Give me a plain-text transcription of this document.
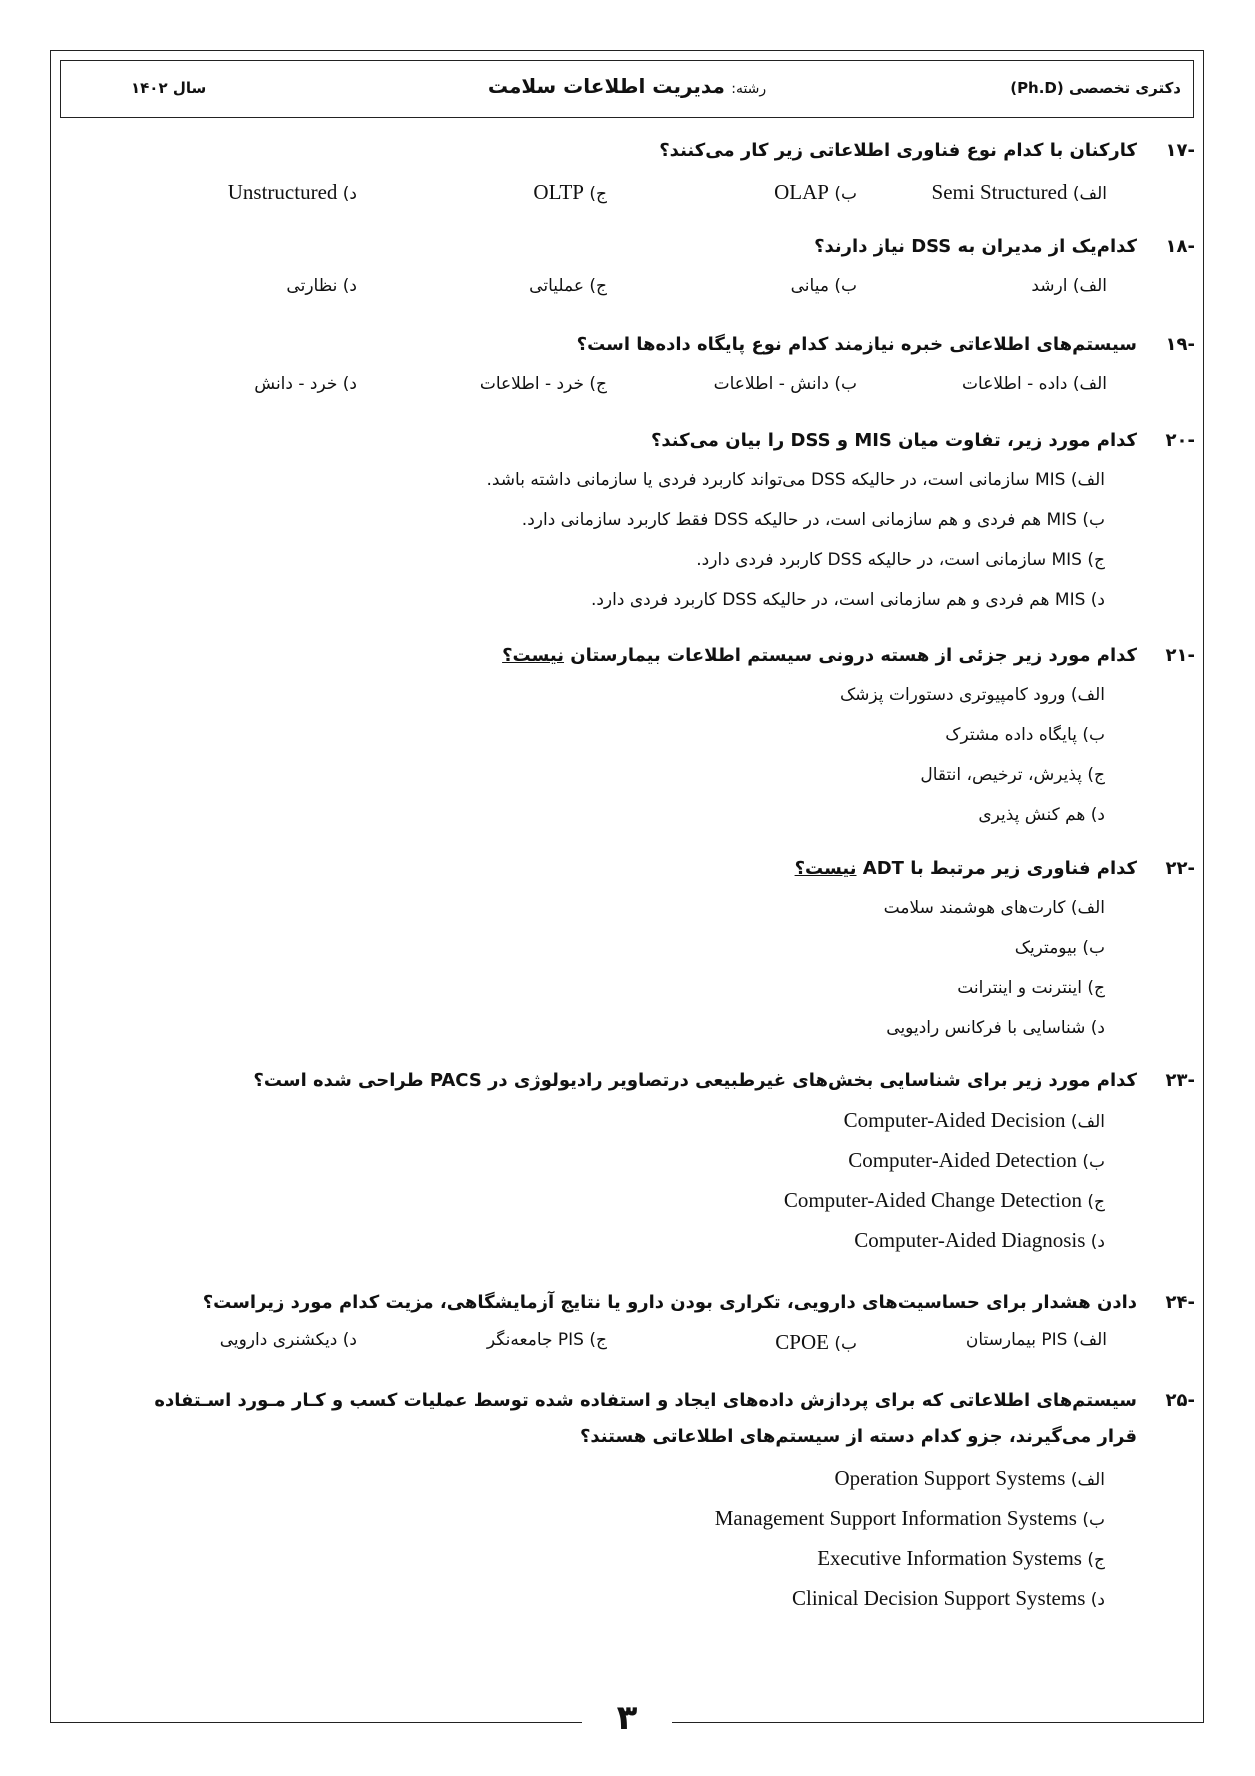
۳
دکتری تخصصی (Ph.D)
رشته: مدیریت اطلاعات سلامت
سال ۱۴۰۲
-۱۷
کارکنان با کدام نوع فناوری اطلاعاتی زیر کار می‌کنند؟
الف) Semi Structured
ب) OLAP
ج) OLTP
د) Unstructured
-۱۸
کدام‌یک از مدیران به DSS نیاز دارند؟
الف) ارشد
ب) میانی
ج) عملیاتی
د) نظارتی
-۱۹
سیستم‌های اطلاعاتی خبره نیازمند کدام نوع پایگاه داده‌ها است؟
الف) داده - اطلاعات
ب) دانش - اطلاعات
ج) خرد - اطلاعات
د) خرد - دانش
-۲۰
کدام مورد زیر، تفاوت میان MIS و DSS را بیان می‌کند؟
الف) MIS سازمانی است، در حالیکه DSS می‌تواند کاربرد فردی یا سازمانی داشته باشد.
ب) MIS هم فردی و هم سازمانی است، در حالیکه DSS فقط کاربرد سازمانی دارد.
ج) MIS سازمانی است، در حالیکه DSS کاربرد فردی دارد.
د) MIS هم فردی و هم سازمانی است، در حالیکه DSS کاربرد فردی دارد.
-۲۱
کدام مورد زیر جزئی از هسته درونی سیستم اطلاعات بیمارستان نیست؟
الف) ورود کامپیوتری دستورات پزشک
ب) پایگاه داده مشترک
ج) پذیرش، ترخیص، انتقال
د) هم کنش پذیری
-۲۲
کدام فناوری زیر مرتبط با ADT نیست؟
الف) کارت‌های هوشمند سلامت
ب) بیومتریک
ج) اینترنت و اینترانت
د) شناسایی با فرکانس رادیویی
-۲۳
کدام مورد زیر برای شناسایی بخش‌های غیرطبیعی درتصاویر رادیولوژی در PACS طراحی شده است؟
الف) Computer-Aided Decision
ب) Computer-Aided Detection
ج) Computer-Aided Change Detection
د) Computer-Aided Diagnosis
-۲۴
دادن هشدار برای حساسیت‌های دارویی، تکراری بودن دارو یا نتایج آزمایشگاهی، مزیت کدام مورد زیراست؟
الف) PIS بیمارستان
ب) CPOE
ج) PIS جامعه‌نگر
د) دیکشنری دارویی
-۲۵
سیستم‌های اطلاعاتی که برای پردازش داده‌های ایجاد و استفاده شده توسط عملیات کسب و کـار مـورد اسـتفاده
قرار می‌گیرند، جزو کدام دسته از سیستم‌های اطلاعاتی هستند؟
الف) Operation Support Systems
ب) Management Support Information Systems
ج) Executive Information Systems
د) Clinical Decision Support Systems
